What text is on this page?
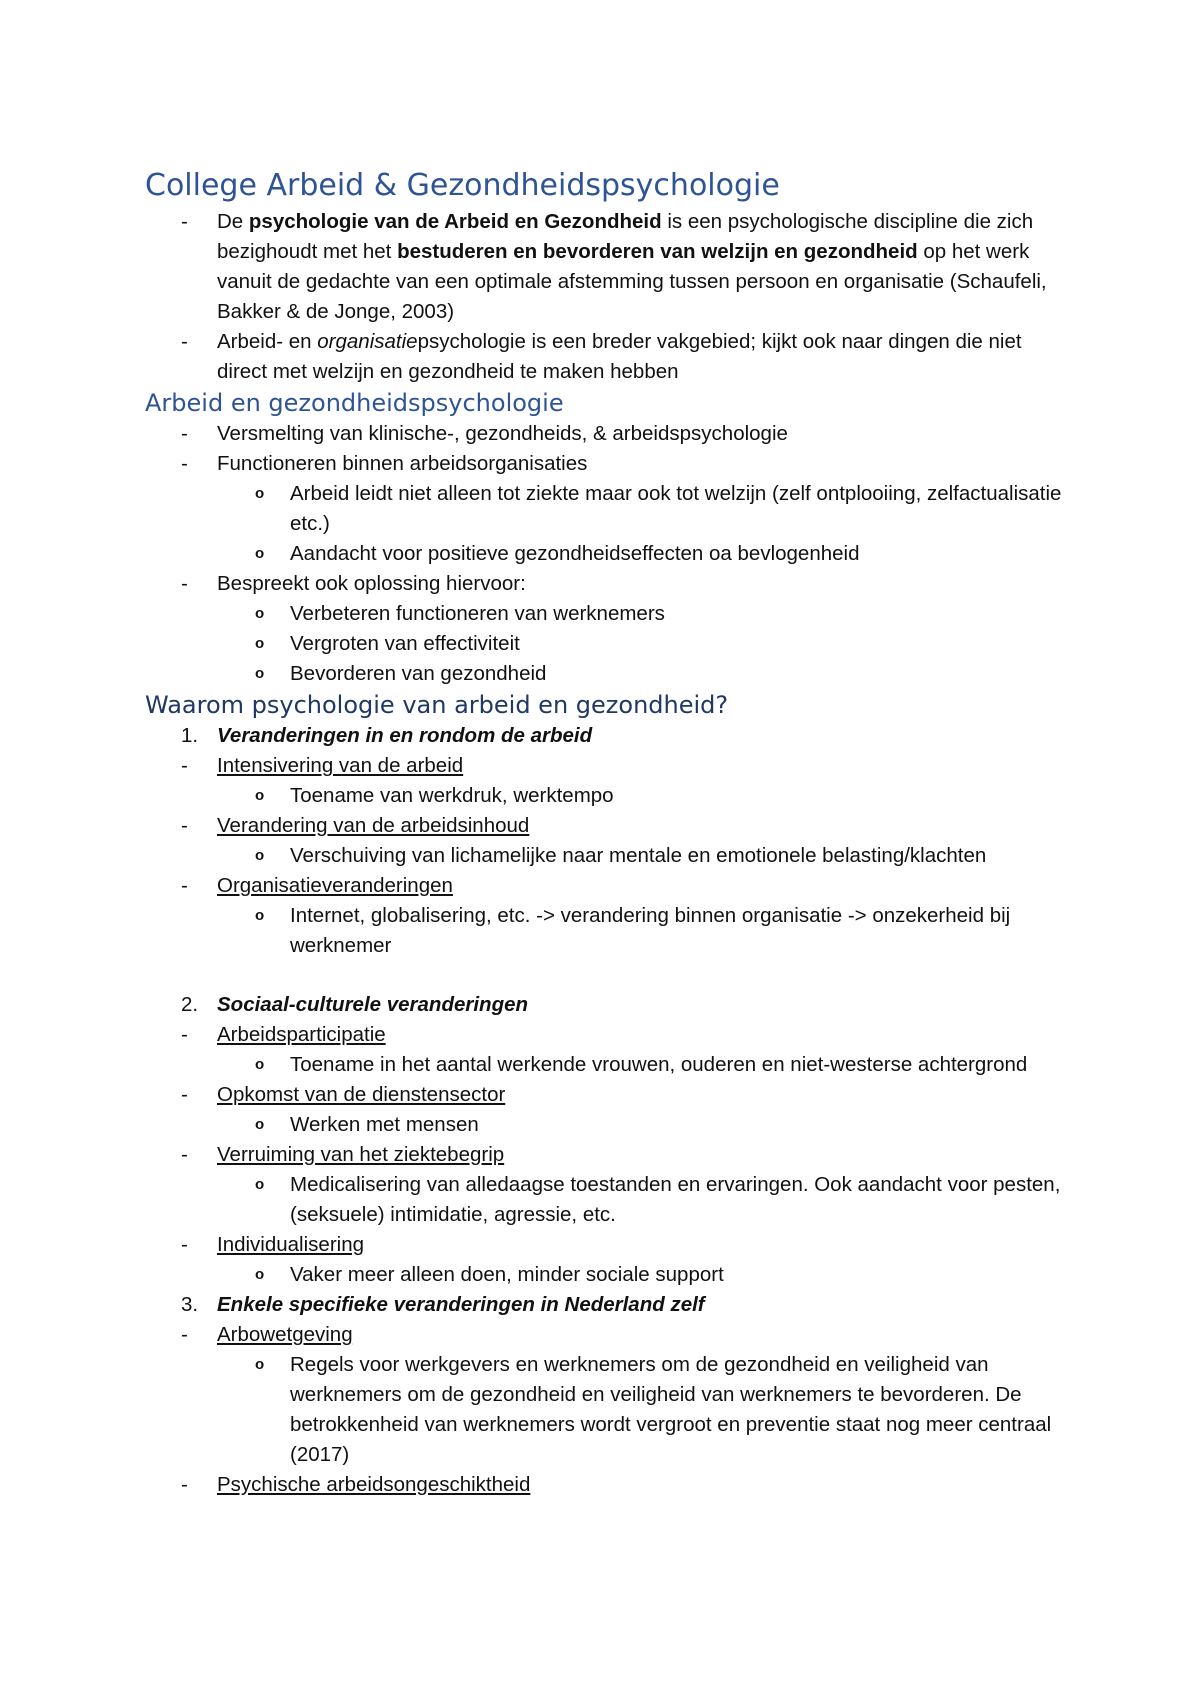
College Arbeid & Gezondheidspsychologie
-	De psychologie van de Arbeid en Gezondheid is een psychologische discipline die zich bezighoudt met het bestuderen en bevorderen van welzijn en gezondheid op het werk vanuit de gedachte van een optimale afstemming tussen persoon en organisatie (Schaufeli, Bakker & de Jonge, 2003)
-	Arbeid- en organisatiepsychologie is een breder vakgebied; kijkt ook naar dingen die niet direct met welzijn en gezondheid te maken hebben
Arbeid en gezondheidspsychologie
-	Versmelting van klinische-, gezondheids, & arbeidspsychologie
-	Functioneren binnen arbeidsorganisaties
o Arbeid leidt niet alleen tot ziekte maar ook tot welzijn (zelf ontplooiing, zelfactualisatie etc.)
o Aandacht voor positieve gezondheidseffecten oa bevlogenheid
-	Bespreekt ook oplossing hiervoor:
o Verbeteren functioneren van werknemers
o Vergroten van effectiviteit
o Bevorderen van gezondheid
Waarom psychologie van arbeid en gezondheid?
1. Veranderingen in en rondom de arbeid
-	Intensivering van de arbeid
o Toename van werkdruk, werktempo
-	Verandering van de arbeidsinhoud
o Verschuiving van lichamelijke naar mentale en emotionele belasting/klachten
-	Organisatieveranderingen
o Internet, globalisering, etc. -> verandering binnen organisatie -> onzekerheid bij werknemer
2. Sociaal-culturele veranderingen
-	Arbeidsparticipatie
o Toename in het aantal werkende vrouwen, ouderen en niet-westerse achtergrond
-	Opkomst van de dienstensector
o Werken met mensen
-	Verruiming van het ziektebegrip
o Medicalisering van alledaagse toestanden en ervaringen. Ook aandacht voor pesten, (seksuele) intimidatie, agressie, etc.
-	Individualisering
o Vaker meer alleen doen, minder sociale support
3. Enkele specifieke veranderingen in Nederland zelf
-	Arbowetgeving
o Regels voor werkgevers en werknemers om de gezondheid en veiligheid van werknemers om de gezondheid en veiligheid van werknemers te bevorderen. De betrokkenheid van werknemers wordt vergroot en preventie staat nog meer centraal (2017)
-	Psychische arbeidsongeschiktheid
